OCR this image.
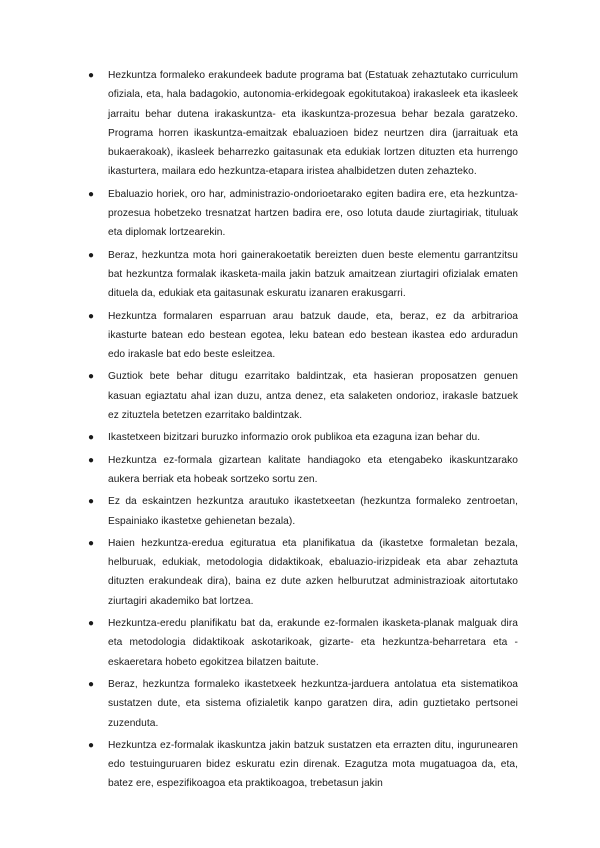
●	Hezkuntza formaleko erakundeek badute programa bat (Estatuak zehaztutako curriculum ofiziala, eta, hala badagokio, autonomia-erkidegoak egokitutakoa) irakasleek eta ikasleek jarraitu behar dutena irakaskuntza- eta ikaskuntza-prozesua behar bezala garatzeko. Programa horren ikaskuntza-emaitzak ebaluazioen bidez neurtzen dira (jarraituak eta bukaerakoak), ikasleek beharrezko gaitasunak eta edukiak lortzen dituzten eta hurrengo ikasturtera, mailara edo hezkuntza-etapara iristea ahalbidetzen duten zehazteko.
●	Ebaluazio horiek, oro har, administrazio-ondorioetarako egiten badira ere, eta hezkuntza-prozesua hobetzeko tresnatzat hartzen badira ere, oso lotuta daude ziurtagiriak, tituluak eta diplomak lortzearekin.
●	Beraz, hezkuntza mota hori gainerakoetatik bereizten duen beste elementu garrantzitsu bat hezkuntza formalak ikasketa-maila jakin batzuk amaitzean ziurtagiri ofizialak ematen dituela da, edukiak eta gaitasunak eskuratu izanaren erakusgarri.
●	Hezkuntza formalaren esparruan arau batzuk daude, eta, beraz, ez da arbitrarioa ikasturte batean edo bestean egotea, leku batean edo bestean ikastea edo arduradun edo irakasle bat edo beste esleitzea.
●	Guztiok bete behar ditugu ezarritako baldintzak, eta hasieran proposatzen genuen kasuan egiaztatu ahal izan duzu, antza denez, eta salaketen ondorioz, irakasle batzuek ez zituztela betetzen ezarritako baldintzak.
●	Ikastetxeen bizitzari buruzko informazio orok publikoa eta ezaguna izan behar du.
●	Hezkuntza ez-formala gizartean kalitate handiagoko eta etengabeko ikaskuntzarako aukera berriak eta hobeak sortzeko sortu zen.
●	Ez da eskaintzen hezkuntza arautuko ikastetxeetan (hezkuntza formaleko zentroetan, Espainiako ikastetxe gehienetan bezala).
●	Haien hezkuntza-eredua egituratua eta planifikatua da (ikastetxe formaletan bezala, helburuak, edukiak, metodologia didaktikoak, ebaluazio-irizpideak eta abar zehaztuta dituzten erakundeak dira), baina ez dute azken helburutzat administrazioak aitortutako ziurtagiri akademiko bat lortzea.
●	Hezkuntza-eredu planifikatu bat da, erakunde ez-formalen ikasketa-planak malguak dira eta metodologia didaktikoak askotarikoak, gizarte- eta hezkuntza-beharretara eta -eskaeretara hobeto egokitzea bilatzen baitute.
●	Beraz, hezkuntza formaleko ikastetxeek hezkuntza-jarduera antolatua eta sistematikoa sustatzen dute, eta sistema ofizialetik kanpo garatzen dira, adin guztietako pertsonei zuzenduta.
●	Hezkuntza ez-formalak ikaskuntza jakin batzuk sustatzen eta errazten ditu, ingurunearen edo testuinguruaren bidez eskuratu ezin direnak. Ezagutza mota mugatuagoa da, eta, batez ere, espezifikoagoa eta praktikoagoa, trebetasun jakin
